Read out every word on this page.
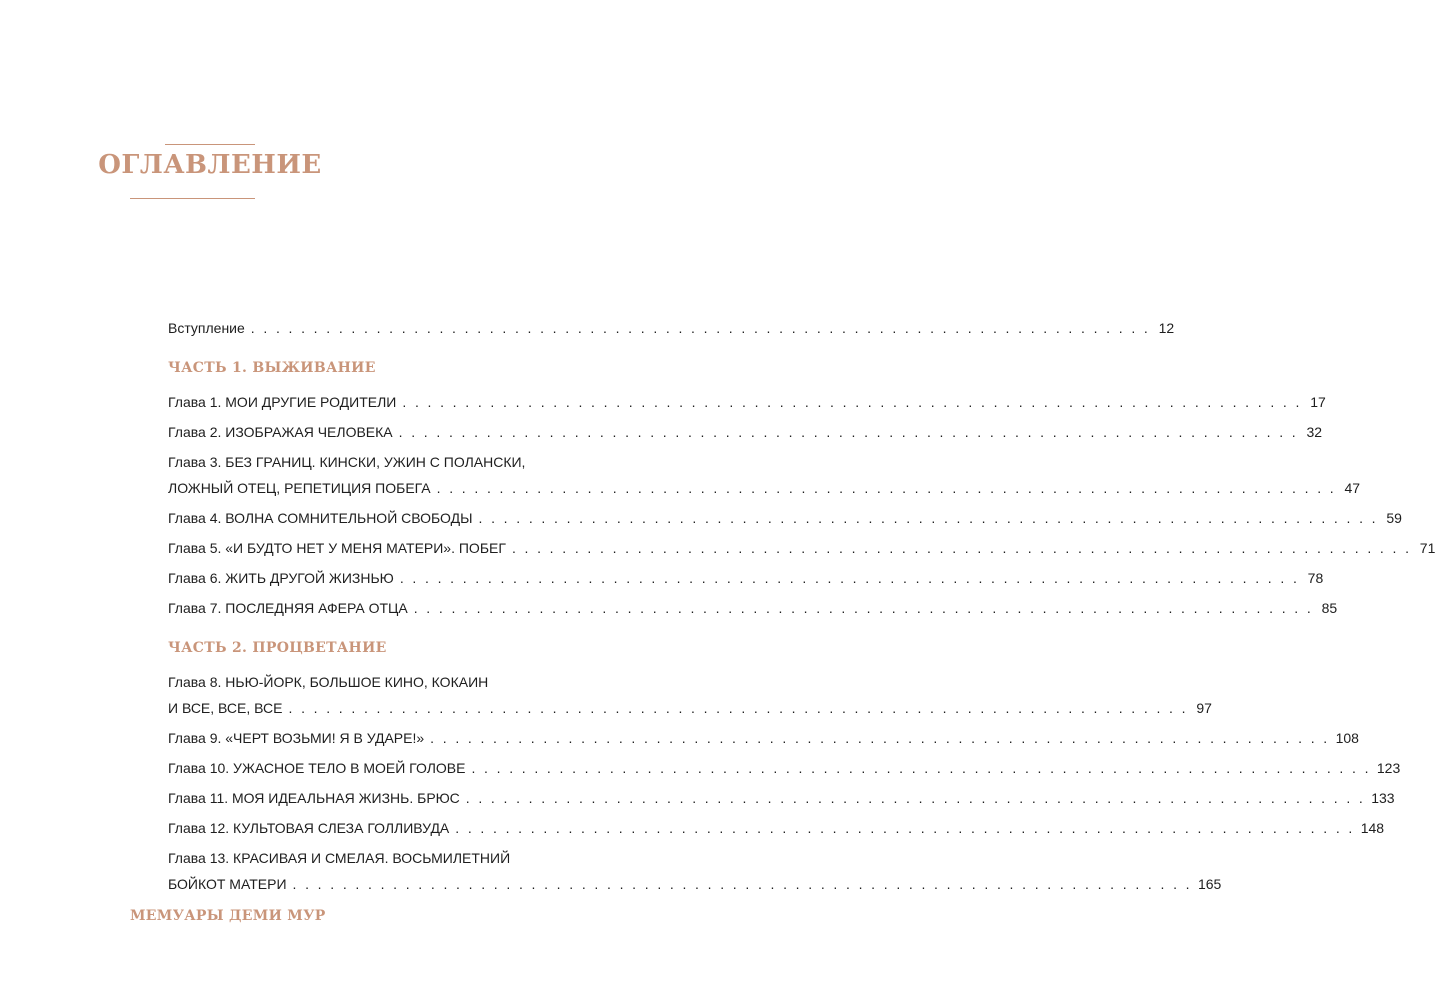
ОГЛАВЛЕНИЕ
Вступление . . . . . . . . . . . . . . . . . . . . . . . . . . . . . . . . . . . . . . . . . . . . . . . . . . . . . . . . . . . . . . . . . . . . . . . . 12
ЧАСТЬ 1. ВЫЖИВАНИЕ
Глава 1. МОИ ДРУГИЕ РОДИТЕЛИ . . . . . . . . . . . . . . . . . . . . . . . . . . . . . . . . . . . . . . . . . . . . . . . . . . . . . . . . . . . . . . . . . . . . . . . . 17
Глава 2. ИЗОБРАЖАЯ ЧЕЛОВЕКА . . . . . . . . . . . . . . . . . . . . . . . . . . . . . . . . . . . . . . . . . . . . . . . . . . . . . . . . . . . . . . . . . . . . . . . . 32
Глава 3. БЕЗ ГРАНИЦ. КИНСКИ, УЖИН С ПОЛАНСКИ,
ЛОЖНЫЙ ОТЕЦ, РЕПЕТИЦИЯ ПОБЕГА . . . . . . . . . . . . . . . . . . . . . . . . . . . . . . . . . . . . . . . . . . . . . . . . . . . . . . . . . . . . . . . . . . . . . . . . 47
Глава 4. ВОЛНА СОМНИТЕЛЬНОЙ СВОБОДЫ . . . . . . . . . . . . . . . . . . . . . . . . . . . . . . . . . . . . . . . . . . . . . . . . . . . . . . . . . . . . . . . . . . . . . . . . 59
Глава 5. «И БУДТО НЕТ У МЕНЯ МАТЕРИ». ПОБЕГ . . . . . . . . . . . . . . . . . . . . . . . . . . . . . . . . . . . . . . . . . . . . . . . . . . . . . . . . . . . . . . . . . . . . . . . . 71
Глава 6. ЖИТЬ ДРУГОЙ ЖИЗНЬЮ . . . . . . . . . . . . . . . . . . . . . . . . . . . . . . . . . . . . . . . . . . . . . . . . . . . . . . . . . . . . . . . . . . . . . . . . 78
Глава 7. ПОСЛЕДНЯЯ АФЕРА ОТЦА . . . . . . . . . . . . . . . . . . . . . . . . . . . . . . . . . . . . . . . . . . . . . . . . . . . . . . . . . . . . . . . . . . . . . . . . 85
ЧАСТЬ 2. ПРОЦВЕТАНИЕ
Глава 8. НЬЮ-ЙОРК, БОЛЬШОЕ КИНО, КОКАИН
И ВСЕ, ВСЕ, ВСЕ . . . . . . . . . . . . . . . . . . . . . . . . . . . . . . . . . . . . . . . . . . . . . . . . . . . . . . . . . . . . . . . . . . . . . . . . 97
Глава 9. «ЧЕРТ ВОЗЬМИ! Я В УДАРЕ!» . . . . . . . . . . . . . . . . . . . . . . . . . . . . . . . . . . . . . . . . . . . . . . . . . . . . . . . . . . . . . . . . . . . . . . . . 108
Глава 10. УЖАСНОЕ ТЕЛО В МОЕЙ ГОЛОВЕ . . . . . . . . . . . . . . . . . . . . . . . . . . . . . . . . . . . . . . . . . . . . . . . . . . . . . . . . . . . . . . . . . . . . . . . . 123
Глава 11. МОЯ ИДЕАЛЬНАЯ ЖИЗНЬ. БРЮС . . . . . . . . . . . . . . . . . . . . . . . . . . . . . . . . . . . . . . . . . . . . . . . . . . . . . . . . . . . . . . . . . . . . . . . . 133
Глава 12. КУЛЬТОВАЯ СЛЕЗА ГОЛЛИВУДА . . . . . . . . . . . . . . . . . . . . . . . . . . . . . . . . . . . . . . . . . . . . . . . . . . . . . . . . . . . . . . . . . . . . . . . . 148
Глава 13. КРАСИВАЯ И СМЕЛАЯ. ВОСЬМИЛЕТНИЙ
БОЙКОТ МАТЕРИ . . . . . . . . . . . . . . . . . . . . . . . . . . . . . . . . . . . . . . . . . . . . . . . . . . . . . . . . . . . . . . . . . . . . . . . . 165
МЕМУАРЫ ДЕМИ МУР
